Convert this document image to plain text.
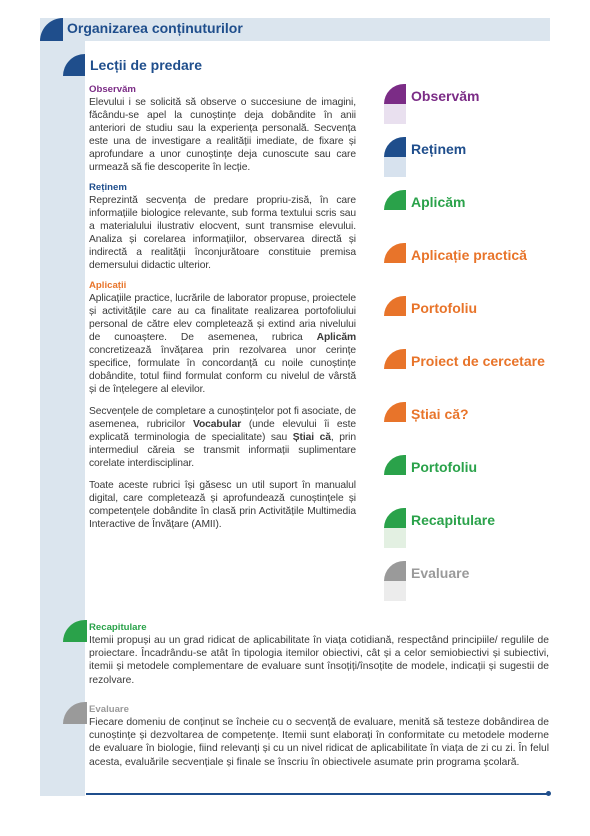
Organizarea conținuturilor
Lecții de predare

Observăm

Elevului i se solicită să observe o succesiune de imagini, făcându-se apel la cunoștințe deja dobândite în anii anteriori de studiu sau la experiența personală. Secvența este una de investigare a realității imediate, de fixare și aprofundare a unor cunoștințe deja cunoscute sau care urmează să fie descoperite în lecție.

Reținem

Reprezintă secvența de predare propriu-zisă, în care informațiile biologice relevante, sub forma textului scris sau a materialului ilustrativ elocvent, sunt transmise elevului. Analiza și corelarea informațiilor, observarea directă și indirectă a realității înconjurătoare constituie premisa demersului didactic ulterior.

Aplicații

Aplicațiile practice, lucrările de laborator propuse, proiectele și activitățile care au ca finalitate realizarea portofoliului personal de către elev completează și extind aria nivelului de cunoaștere. De asemenea, rubrica Aplicăm concretizează învățarea prin rezolvarea unor cerințe specifice, formulate în concordanță cu noile cunoștințe dobândite, totul fiind formulat conform cu nivelul de vârstă și de înțelegere al elevilor.

Secvențele de completare a cunoștințelor pot fi asociate, de asemenea, rubricilor Vocabular (unde elevului îi este explicată terminologia de specialitate) sau Știai că, prin intermediul căreia se transmit informații suplimentare corelate interdisciplinar.

Toate aceste rubrici își găsesc un util suport în manualul digital, care completează și aprofundează cunoștințele și competențele dobândite în clasă prin Activitățile Multimedia Interactive de Învățare (AMII).

Observăm
Reținem
Aplicăm
Aplicație practică
Portofoliu
Proiect de cercetare
Știai că?
Portofoliu
Recapitulare
Evaluare

Recapitulare

Itemii propuși au un grad ridicat de aplicabilitate în viața cotidiană, respectând principiile/ regulile de proiectare. Încadrându-se atât în tipologia itemilor obiectivi, cât și a celor semiobiectivi și subiectivi, itemii și metodele complementare de evaluare sunt însoțiți/însoțite de modele, indicații și sugestii de rezolvare.

Evaluare

Fiecare domeniu de conținut se încheie cu o secvență de evaluare, menită să testeze dobândirea de cunoștințe și dezvoltarea de competențe. Itemii sunt elaborați în conformitate cu metodele moderne de evaluare în biologie, fiind relevanți și cu un nivel ridicat de aplicabilitate în viața de zi cu zi. În felul acesta, evaluările secvențiale și finale se înscriu în obiectivele asumate prin programa școlară.
